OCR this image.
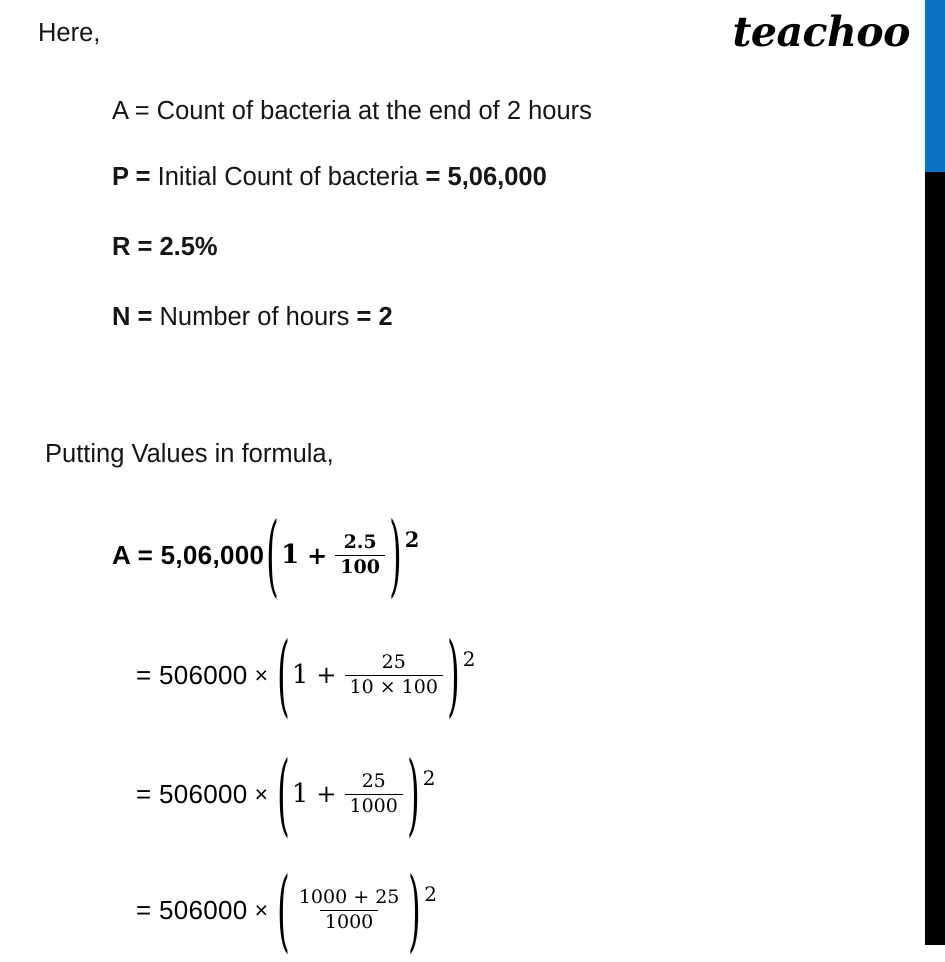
teachoo
Here,
A = Count of bacteria at the end of 2 hours
P = Initial Count of bacteria = 5,06,000
R = 2.5%
N = Number of hours = 2
Putting Values in formula,
A = 5,06,000 ( $1 + \frac{2.5}{100}$ ) 2
= 506000 × ( $1 + \frac{25}{10 \times 100}$ ) 2
= 506000 × ( $1 + \frac{25}{1000}$ ) 2
= 506000 × ( $\frac{1000 + 25}{1000}$ ) 2
